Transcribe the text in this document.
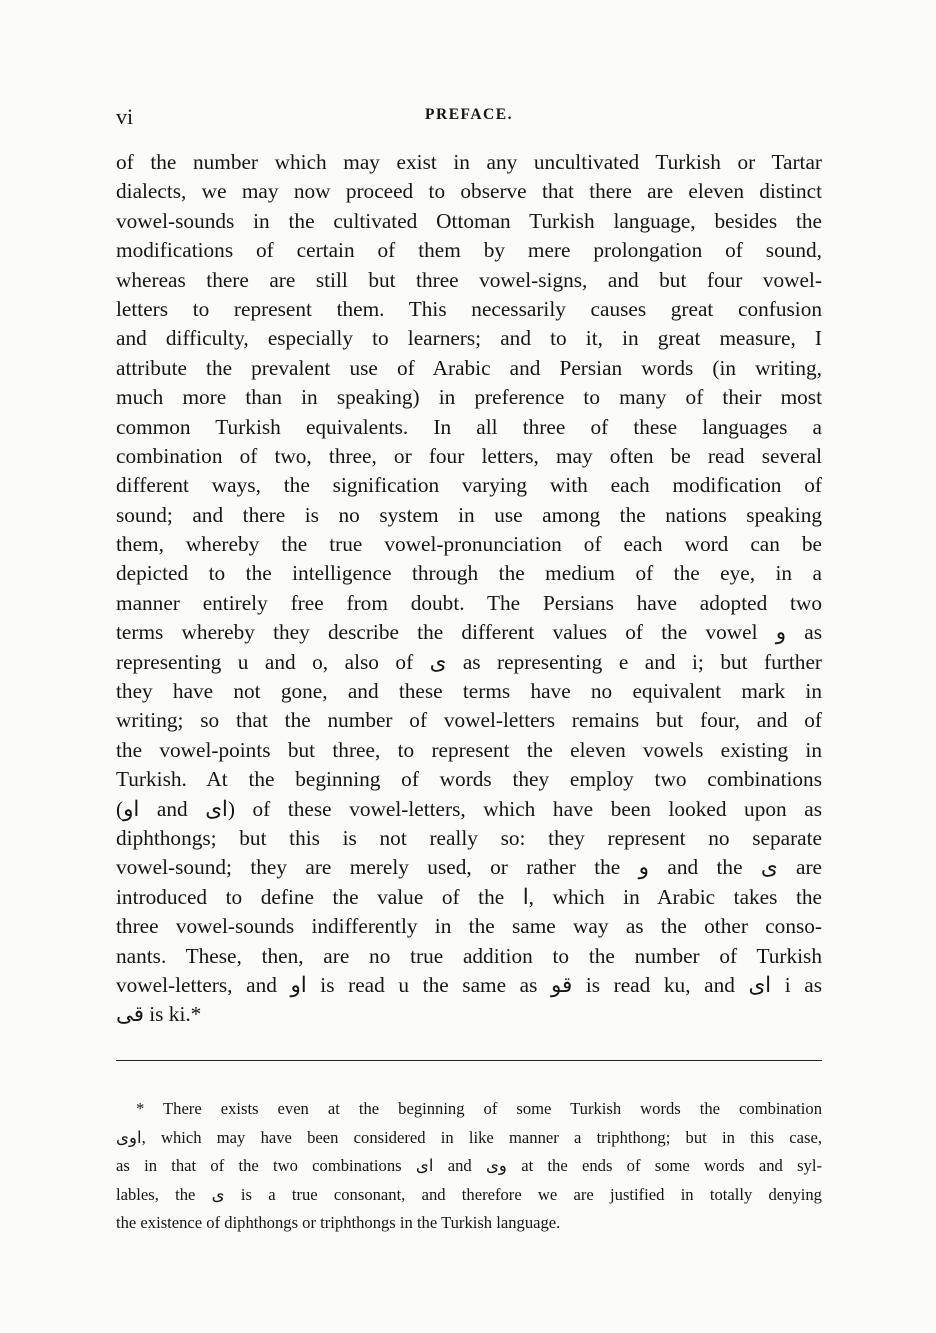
vi	PREFACE.
of the number which may exist in any uncultivated Turkish or Tartar
dialects, we may now proceed to observe that there are eleven distinct
vowel-sounds in the cultivated Ottoman Turkish language, besides the
modifications of certain of them by mere prolongation of sound,
whereas there are still but three vowel-signs, and but four vowel-
letters to represent them. This necessarily causes great confusion
and difficulty, especially to learners; and to it, in great measure, I
attribute the prevalent use of Arabic and Persian words (in writing,
much more than in speaking) in preference to many of their most
common Turkish equivalents. In all three of these languages a
combination of two, three, or four letters, may often be read several
different ways, the signification varying with each modification of
sound; and there is no system in use among the nations speaking
them, whereby the true vowel-pronunciation of each word can be
depicted to the intelligence through the medium of the eye, in a
manner entirely free from doubt. The Persians have adopted two
terms whereby they describe the different values of the vowel و as
representing u and o, also of ى as representing e and i; but further
they have not gone, and these terms have no equivalent mark in
writing; so that the number of vowel-letters remains but four, and of
the vowel-points but three, to represent the eleven vowels existing in
Turkish. At the beginning of words they employ two combinations
(او and اى) of these vowel-letters, which have been looked upon as
diphthongs; but this is not really so: they represent no separate
vowel-sound; they are merely used, or rather the و and the ى are
introduced to define the value of the ا, which in Arabic takes the
three vowel-sounds indifferently in the same way as the other conso-
nants. These, then, are no true addition to the number of Turkish
vowel-letters, and او is read u the same as قو is read ku, and اى i as
قى is ki.*
* There exists even at the beginning of some Turkish words the combination
اوى, which may have been considered in like manner a triphthong; but in this case,
as in that of the two combinations اى and وى at the ends of some words and syl-
lables, the ى is a true consonant, and therefore we are justified in totally denying
the existence of diphthongs or triphthongs in the Turkish language.
